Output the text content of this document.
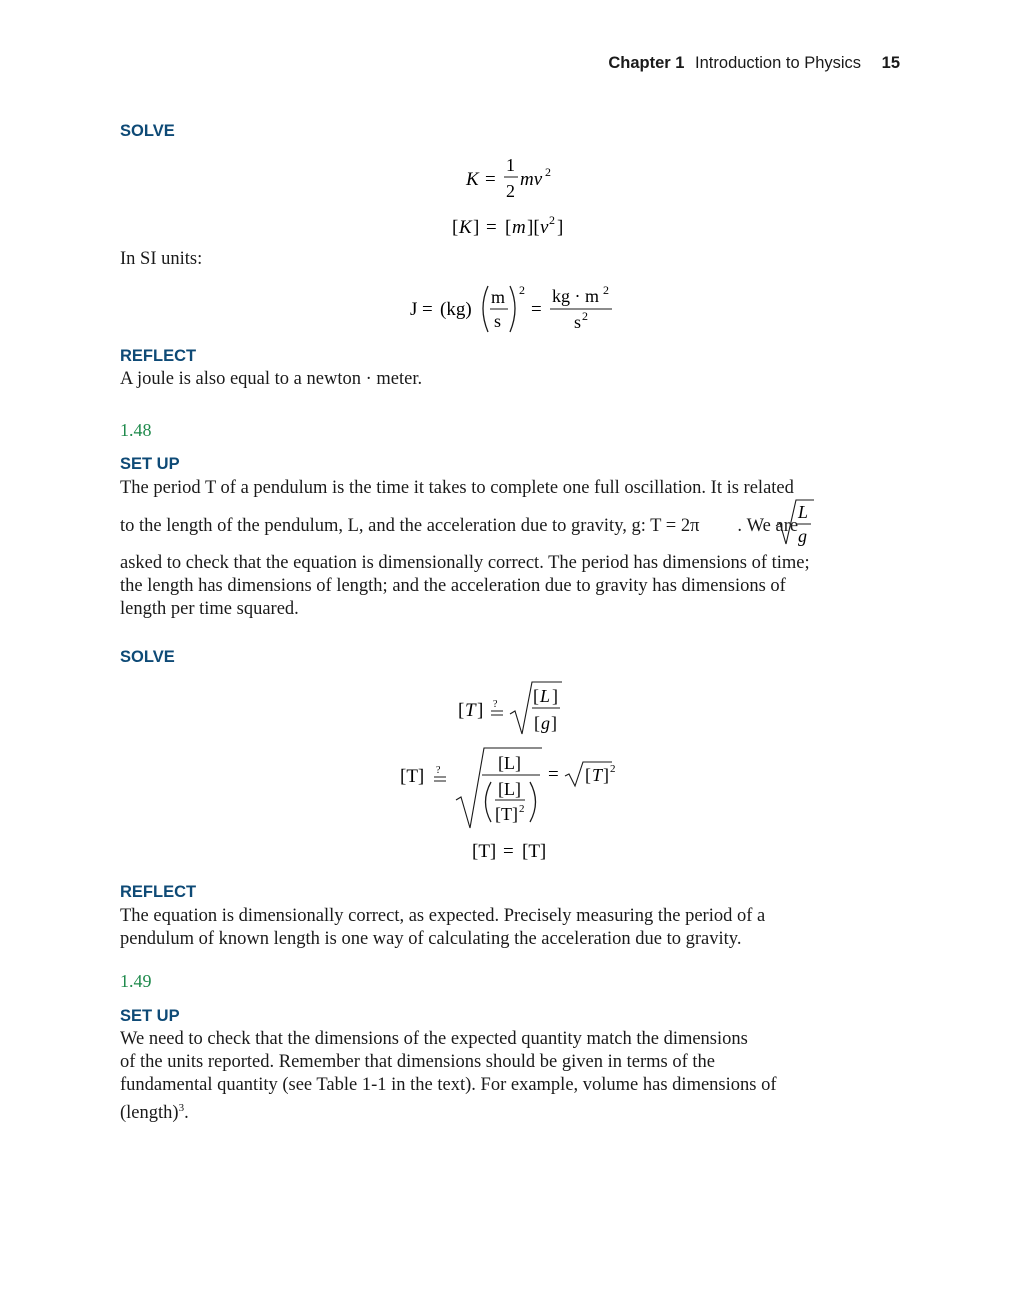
Chapter 1 Introduction to Physics 15
SOLVE
K =
1
2
mv 2
[ K ] = [ m ][ v 2 ]
In SI units:
J = (kg)
m
s
2
=
kg · m 2
s 2
REFLECT
A joule is also equal to a newton · meter.
1.48
SET UP
The period T of a pendulum is the time it takes to complete one full oscillation. It is related
to the length of the pendulum, L, and the acceleration due to gravity, g: T = 2π . We are
L
g
asked to check that the equation is dimensionally correct. The period has dimensions of time;
the length has dimensions of length; and the acceleration due to gravity has dimensions of
length per time squared.
SOLVE
[ T ] ? [ L ]
[ g ]
[T] ?	[L]
[L]
[T] 2
= [ T ] 2
[T] = [T]
REFLECT
The equation is dimensionally correct, as expected. Precisely measuring the period of a
pendulum of known length is one way of calculating the acceleration due to gravity.
1.49
SET UP
We need to check that the dimensions of the expected quantity match the dimensions
of the units reported. Remember that dimensions should be given in terms of the
fundamental quantity (see Table 1-1 in the text). For example, volume has dimensions of
(length)$^3$.
